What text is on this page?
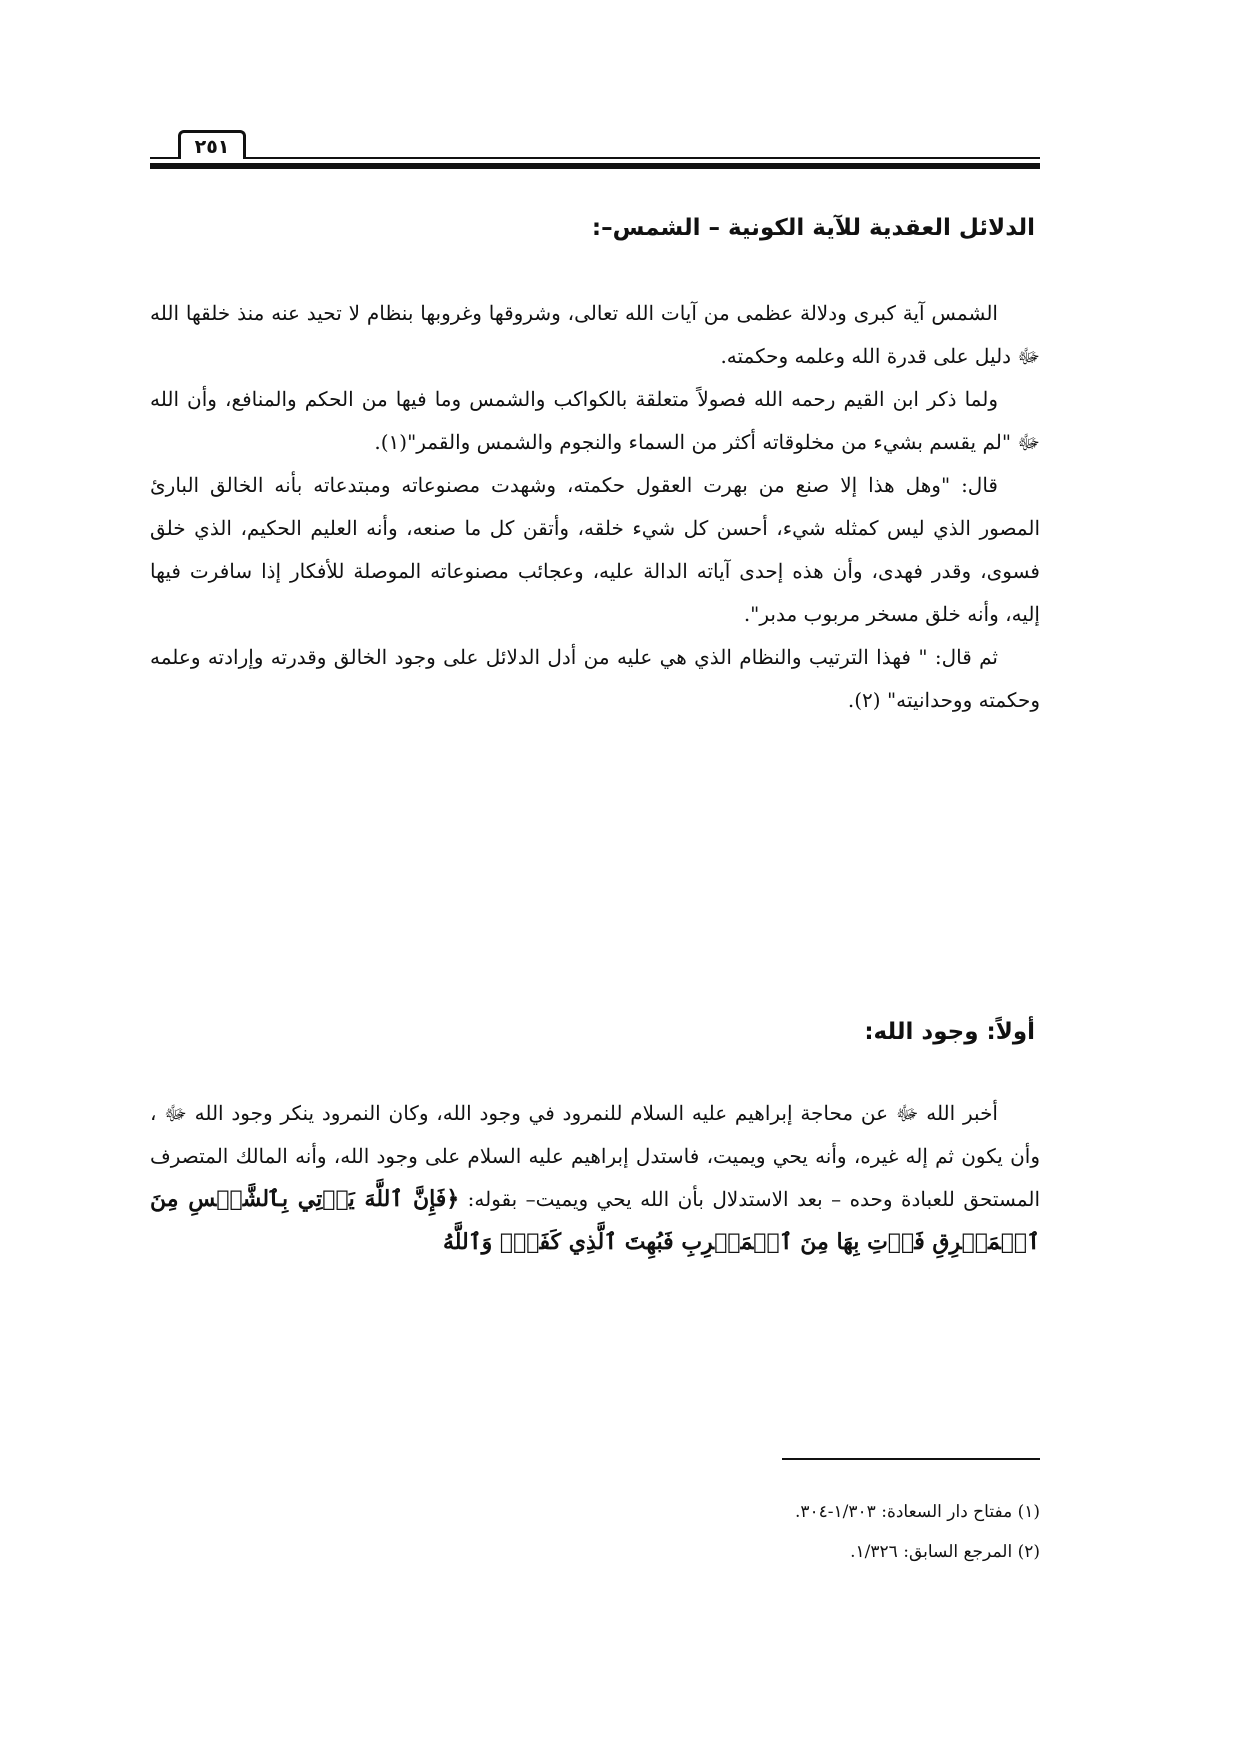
٢٥١
الدلائل العقدية للآية الكونية – الشمس–:

الشمس آية كبرى ودلالة عظمى من آيات الله تعالى، وشروقها وغروبها بنظام لا تحيد عنه منذ خلقها الله ﷻ دليل على قدرة الله وعلمه وحكمته.

ولما ذكر ابن القيم رحمه الله فصولاً متعلقة بالكواكب والشمس وما فيها من الحكم والمنافع، وأن الله ﷻ "لم يقسم بشيء من مخلوقاته أكثر من السماء والنجوم والشمس والقمر"(١).

قال: "وهل هذا إلا صنع من بهرت العقول حكمته، وشهدت مصنوعاته ومبتدعاته بأنه الخالق البارئ المصور الذي ليس كمثله شيء، أحسن كل شيء خلقه، وأتقن كل ما صنعه، وأنه العليم الحكيم، الذي خلق فسوى، وقدر فهدى، وأن هذه إحدى آياته الدالة عليه، وعجائب مصنوعاته الموصلة للأفكار إذا سافرت فيها إليه، وأنه خلق مسخر مربوب مدبر".

ثم قال: " فهذا الترتيب والنظام الذي هي عليه من أدل الدلائل على وجود الخالق وقدرته وإرادته وعلمه وحكمته ووحدانيته" (٢).

أولاً: وجود الله:

أخبر الله ﷻ عن محاجة إبراهيم عليه السلام للنمرود في وجود الله، وكان النمرود ينكر وجود الله ﷻ ، وأن يكون ثم إله غيره، وأنه يحي ويميت، فاستدل إبراهيم عليه السلام على وجود الله، وأنه المالك المتصرف المستحق للعبادة وحده – بعد الاستدلال بأن الله يحي ويميت– بقوله: ﴿فَإِنَّ ٱللَّهَ يَأۡتِي بِٱلشَّمۡسِ مِنَ ٱلۡمَشۡرِقِ فَأۡتِ بِهَا مِنَ ٱلۡمَغۡرِبِ فَبُهِتَ ٱلَّذِي كَفَرَۗ وَٱللَّهُ

(١) مفتاح دار السعادة: ١/٣٠٣-٣٠٤.
(٢) المرجع السابق: ١/٣٢٦.
